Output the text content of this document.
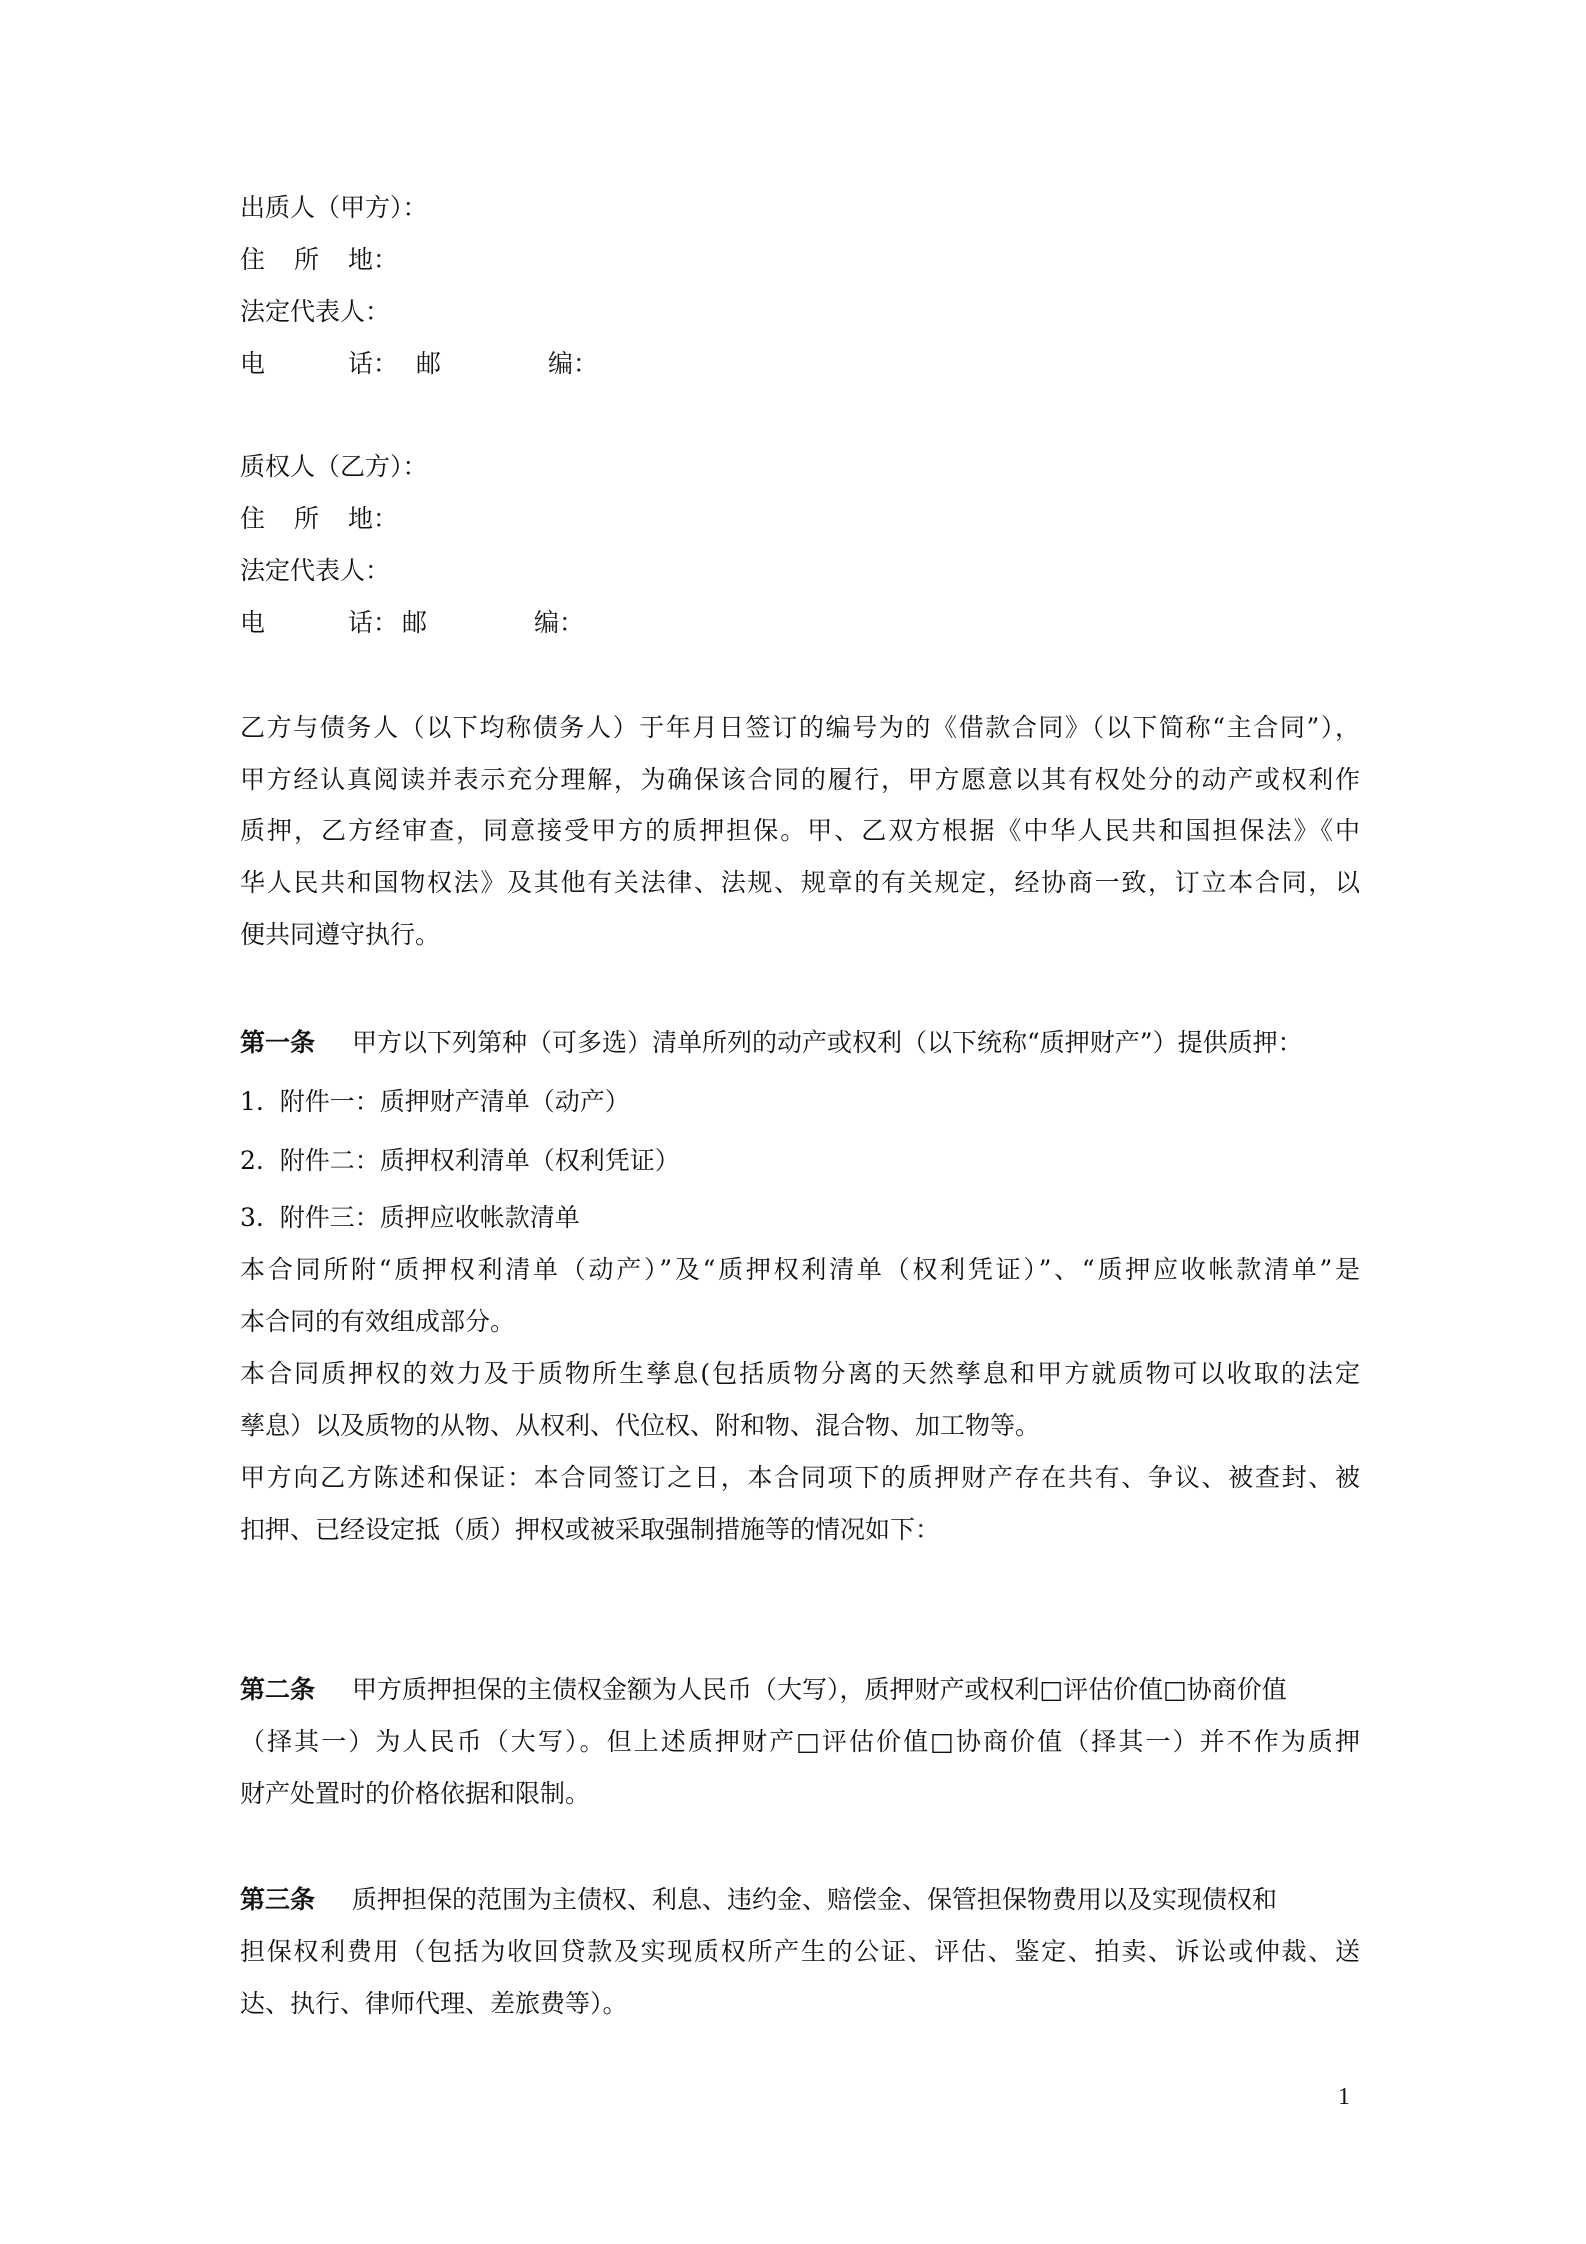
出质人（甲方）：
住 所 地：
法定代表人：
电	话： 邮	编：
质权人（乙方）：
住 所 地：
法定代表人：
电	话： 邮	编：
乙方与债务人（以下均称债务人）于年月日签订的编号为的《借款合同》（以下简称“主合同”），
甲方经认真阅读并表示充分理解，为确保该合同的履行，甲方愿意以其有权处分的动产或权利作
质押，乙方经审查，同意接受甲方的质押担保。甲、乙双方根据《中华人民共和国担保法》《中
华人民共和国物权法》及其他有关法律、法规、规章的有关规定，经协商一致，订立本合同，以
便共同遵守执行。
第一条 甲方以下列第种（可多选）清单所列的动产或权利（以下统称“质押财产”）提供质押：
1.  附件一：质押财产清单（动产）
2.  附件二：质押权利清单（权利凭证）
3.  附件三：质押应收帐款清单
本合同所附“质押权利清单（动产）”及“质押权利清单（权利凭证）”、“质押应收帐款清单”是
本合同的有效组成部分。
本合同质押权的效力及于质物所生孳息(包括质物分离的天然孳息和甲方就质物可以收取的法定
孳息）以及质物的从物、从权利、代位权、附和物、混合物、加工物等。
甲方向乙方陈述和保证：本合同签订之日，本合同项下的质押财产存在共有、争议、被查封、被
扣押、已经设定抵（质）押权或被采取强制措施等的情况如下：
第二条 甲方质押担保的主债权金额为人民币（大写），质押财产或权利□评估价值□协商价值
（择其一）为人民币（大写）。但上述质押财产□评估价值□协商价值（择其一）并不作为质押
财产处置时的价格依据和限制。
第三条 质押担保的范围为主债权、利息、违约金、赔偿金、保管担保物费用以及实现债权和
担保权利费用（包括为收回贷款及实现质权所产生的公证、评估、鉴定、拍卖、诉讼或仲裁、送
达、执行、律师代理、差旅费等）。
1
